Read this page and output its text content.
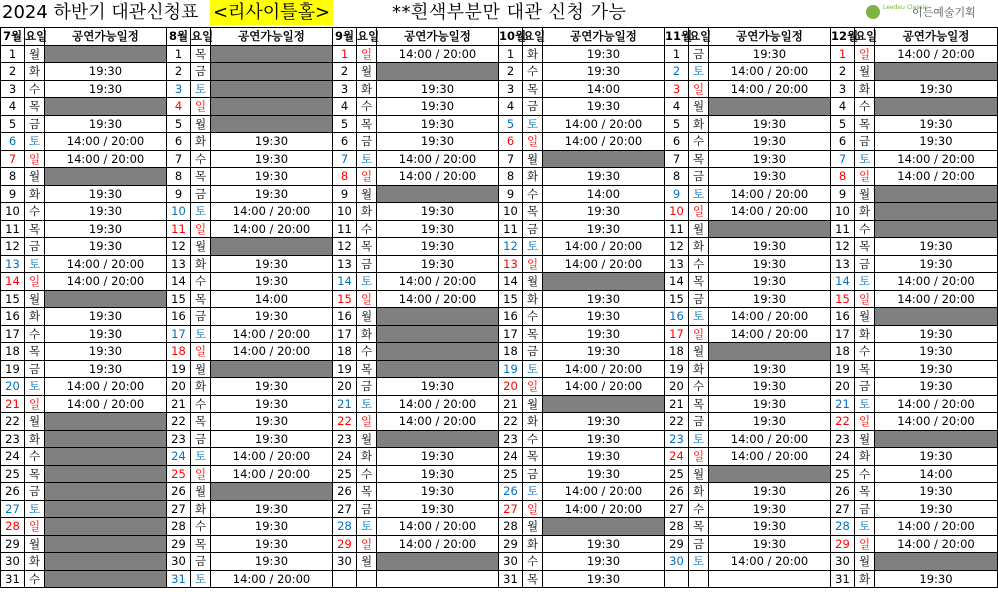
2024 하반기 대관신청표 <리사이틀홀>	**흰색부분만 대관 신청 가능	Leedeu Classic
이든예술기획
7월	요일	공연가능일정	8월	요일	공연가능일정	9월	요일	공연가능일정	10월	요일	공연가능일정	11월	요일	공연가능일정	12월	요일	공연가능일정
1	월		1	목		1	일	14:00 / 20:00	1	화	19:30	1	금	19:30	1	일	14:00 / 20:00
2	화	19:30	2	금		2	월		2	수	19:30	2	토	14:00 / 20:00	2	월	
3	수	19:30	3	토		3	화	19:30	3	목	14:00	3	일	14:00 / 20:00	3	화	19:30
4	목		4	일		4	수	19:30	4	금	19:30	4	월		4	수	
5	금	19:30	5	월		5	목	19:30	5	토	14:00 / 20:00	5	화	19:30	5	목	19:30
6	토	14:00 / 20:00	6	화	19:30	6	금	19:30	6	일	14:00 / 20:00	6	수	19:30	6	금	19:30
7	일	14:00 / 20:00	7	수	19:30	7	토	14:00 / 20:00	7	월		7	목	19:30	7	토	14:00 / 20:00
8	월		8	목	19:30	8	일	14:00 / 20:00	8	화	19:30	8	금	19:30	8	일	14:00 / 20:00
9	화	19:30	9	금	19:30	9	월		9	수	14:00	9	토	14:00 / 20:00	9	월	
10	수	19:30	10	토	14:00 / 20:00	10	화	19:30	10	목	19:30	10	일	14:00 / 20:00	10	화	
11	목	19:30	11	일	14:00 / 20:00	11	수	19:30	11	금	19:30	11	월		11	수	
12	금	19:30	12	월		12	목	19:30	12	토	14:00 / 20:00	12	화	19:30	12	목	19:30
13	토	14:00 / 20:00	13	화	19:30	13	금	19:30	13	일	14:00 / 20:00	13	수	19:30	13	금	19:30
14	일	14:00 / 20:00	14	수	19:30	14	토	14:00 / 20:00	14	월		14	목	19:30	14	토	14:00 / 20:00
15	월		15	목	14:00	15	일	14:00 / 20:00	15	화	19:30	15	금	19:30	15	일	14:00 / 20:00
16	화	19:30	16	금	19:30	16	월		16	수	19:30	16	토	14:00 / 20:00	16	월	
17	수	19:30	17	토	14:00 / 20:00	17	화		17	목	19:30	17	일	14:00 / 20:00	17	화	19:30
18	목	19:30	18	일	14:00 / 20:00	18	수		18	금	19:30	18	월		18	수	19:30
19	금	19:30	19	월		19	목		19	토	14:00 / 20:00	19	화	19:30	19	목	19:30
20	토	14:00 / 20:00	20	화	19:30	20	금	19:30	20	일	14:00 / 20:00	20	수	19:30	20	금	19:30
21	일	14:00 / 20:00	21	수	19:30	21	토	14:00 / 20:00	21	월		21	목	19:30	21	토	14:00 / 20:00
22	월		22	목	19:30	22	일	14:00 / 20:00	22	화	19:30	22	금	19:30	22	일	14:00 / 20:00
23	화		23	금	19:30	23	월		23	수	19:30	23	토	14:00 / 20:00	23	월	
24	수		24	토	14:00 / 20:00	24	화	19:30	24	목	19:30	24	일	14:00 / 20:00	24	화	19:30
25	목		25	일	14:00 / 20:00	25	수	19:30	25	금	19:30	25	월		25	수	14:00
26	금		26	월		26	목	19:30	26	토	14:00 / 20:00	26	화	19:30	26	목	19:30
27	토		27	화	19:30	27	금	19:30	27	일	14:00 / 20:00	27	수	19:30	27	금	19:30
28	일		28	수	19:30	28	토	14:00 / 20:00	28	월		28	목	19:30	28	토	14:00 / 20:00
29	월		29	목	19:30	29	일	14:00 / 20:00	29	화	19:30	29	금	19:30	29	일	14:00 / 20:00
30	화		30	금	19:30	30	월		30	수	19:30	30	토	14:00 / 20:00	30	월	
31	수		31	토	14:00 / 20:00				31	목	19:30				31	화	19:30
